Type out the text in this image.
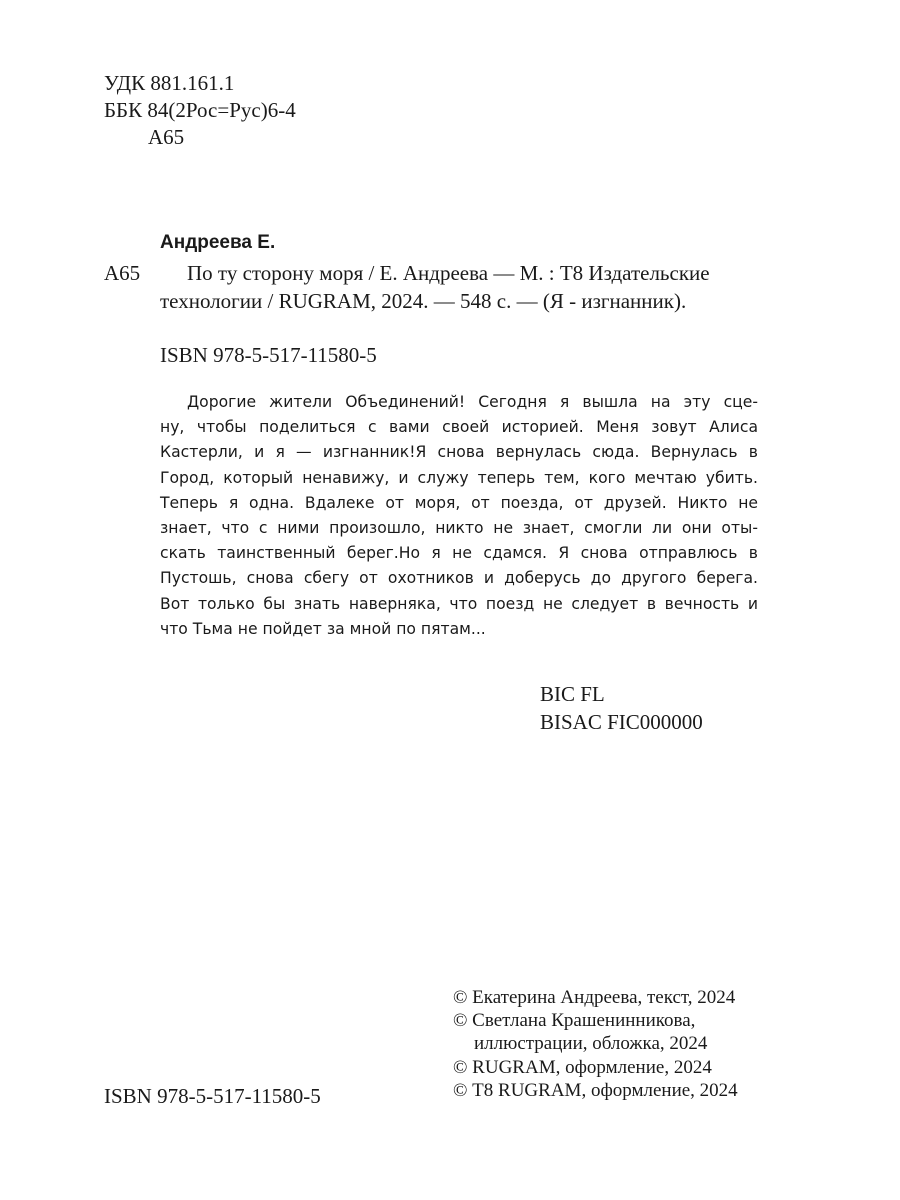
УДК 881.161.1
ББК 84(2Рос=Рус)6-4
А65
Андреева Е.
А65 По ту сторону моря / Е. Андреева — М. : Т8 Издательские
технологии / RUGRAM, 2024. — 548 с. — (Я - изгнанник).
ISBN 978-5-517-11580-5
Дорогие жители Объединений! Сегодня я вышла на эту сце-
ну, чтобы поделиться с вами своей историей. Меня зовут Алиса
Кастерли, и я — изгнанник!Я снова вернулась сюда. Вернулась в
Город, который ненавижу, и служу теперь тем, кого мечтаю убить.
Теперь я одна. Вдалеке от моря, от поезда, от друзей. Никто не
знает, что с ними произошло, никто не знает, смогли ли они оты-
скать таинственный берег.Но я не сдамся. Я снова отправлюсь в
Пустошь, снова сбегу от охотников и доберусь до другого берега.
Вот только бы знать наверняка, что поезд не следует в вечность и
что Тьма не пойдет за мной по пятам...
BIC FL
BISAC FIC000000
© Екатерина Андреева, текст, 2024
© Светлана Крашенинникова,
иллюстрации, обложка, 2024
© RUGRAM, оформление, 2024
© Т8 RUGRAM, оформление, 2024
ISBN 978-5-517-11580-5
